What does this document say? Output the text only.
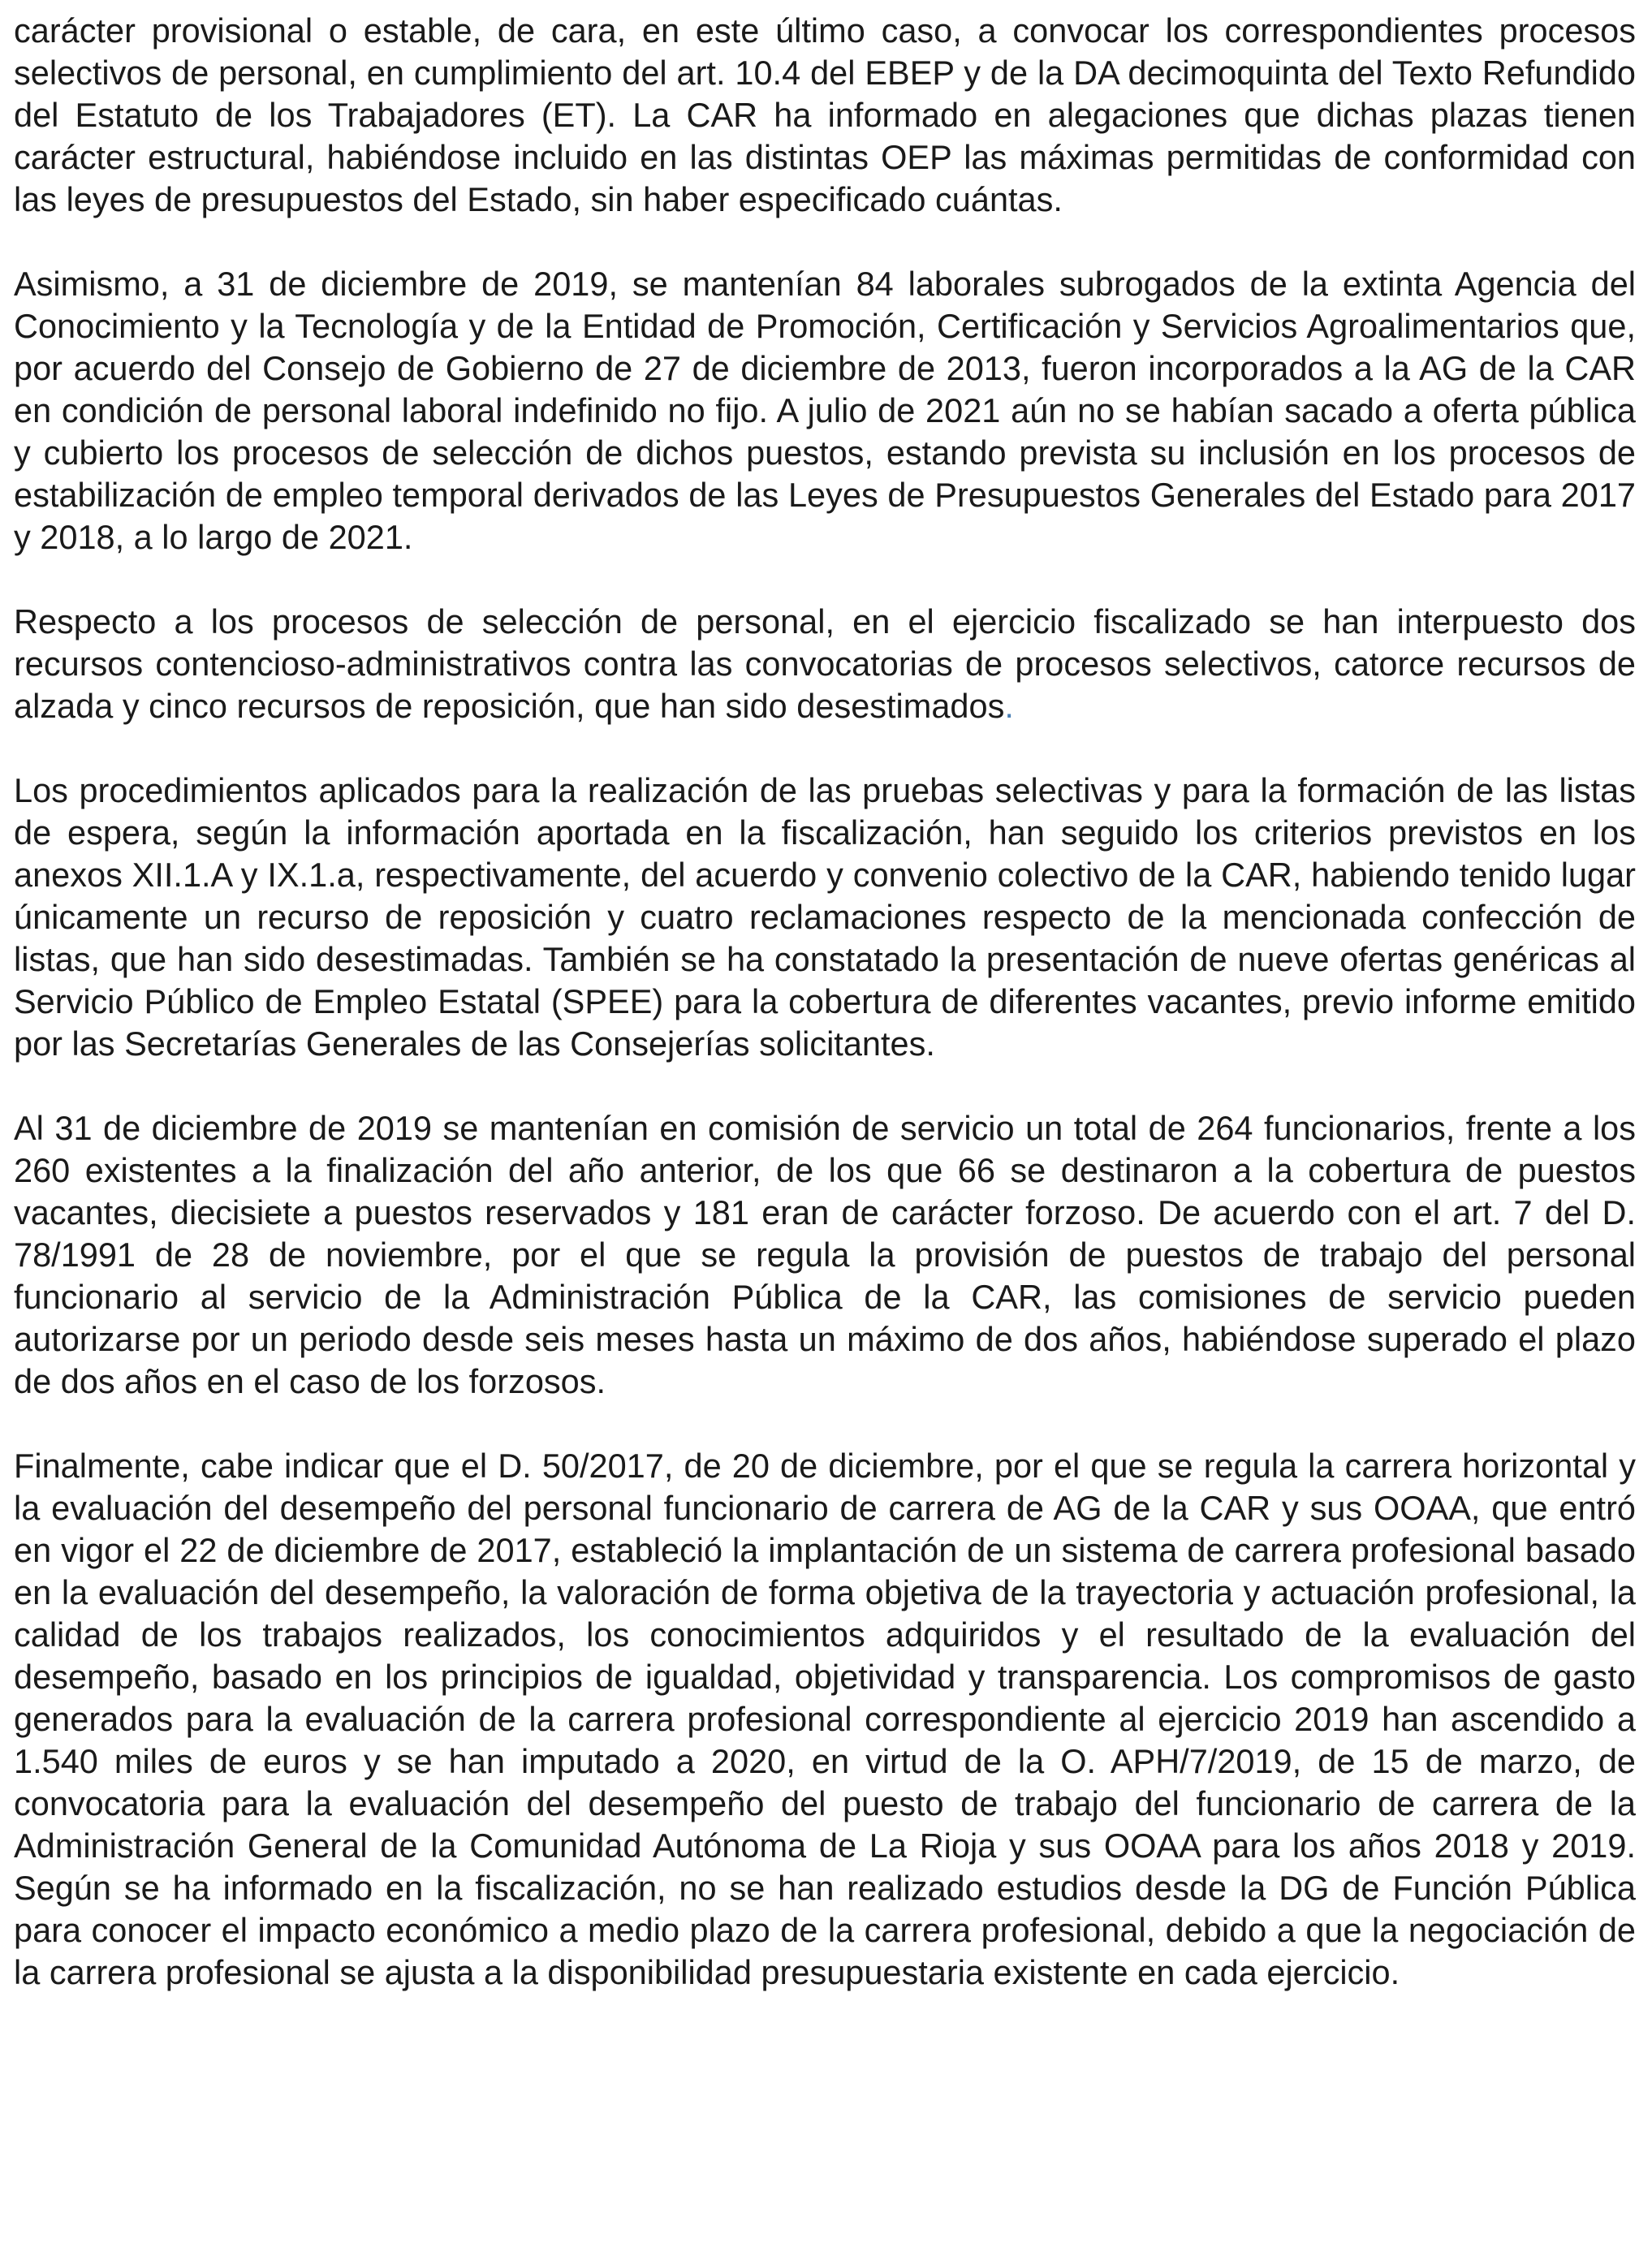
carácter provisional o estable, de cara, en este último caso, a convocar los correspondientes procesos selectivos de personal, en cumplimiento del art. 10.4 del EBEP y de la DA decimoquinta del Texto Refundido del Estatuto de los Trabajadores (ET). La CAR ha informado en alegaciones que dichas plazas tienen carácter estructural, habiéndose incluido en las distintas OEP las máximas permitidas de conformidad con las leyes de presupuestos del Estado, sin haber especificado cuántas.

Asimismo, a 31 de diciembre de 2019, se mantenían 84 laborales subrogados de la extinta Agencia del Conocimiento y la Tecnología y de la Entidad de Promoción, Certificación y Servicios Agroalimentarios que, por acuerdo del Consejo de Gobierno de 27 de diciembre de 2013, fueron incorporados a la AG de la CAR en condición de personal laboral indefinido no fijo. A julio de 2021 aún no se habían sacado a oferta pública y cubierto los procesos de selección de dichos puestos, estando prevista su inclusión en los procesos de estabilización de empleo temporal derivados de las Leyes de Presupuestos Generales del Estado para 2017 y 2018, a lo largo de 2021.

Respecto a los procesos de selección de personal, en el ejercicio fiscalizado se han interpuesto dos recursos contencioso-administrativos contra las convocatorias de procesos selectivos, catorce recursos de alzada y cinco recursos de reposición, que han sido desestimados.

Los procedimientos aplicados para la realización de las pruebas selectivas y para la formación de las listas de espera, según la información aportada en la fiscalización, han seguido los criterios previstos en los anexos XII.1.A y IX.1.a, respectivamente, del acuerdo y convenio colectivo de la CAR, habiendo tenido lugar únicamente un recurso de reposición y cuatro reclamaciones respecto de la mencionada confección de listas, que han sido desestimadas. También se ha constatado la presentación de nueve ofertas genéricas al Servicio Público de Empleo Estatal (SPEE) para la cobertura de diferentes vacantes, previo informe emitido por las Secretarías Generales de las Consejerías solicitantes.

Al 31 de diciembre de 2019 se mantenían en comisión de servicio un total de 264 funcionarios, frente a los 260 existentes a la finalización del año anterior, de los que 66 se destinaron a la cobertura de puestos vacantes, diecisiete a puestos reservados y 181 eran de carácter forzoso. De acuerdo con el art. 7 del D. 78/1991 de 28 de noviembre, por el que se regula la provisión de puestos de trabajo del personal funcionario al servicio de la Administración Pública de la CAR, las comisiones de servicio pueden autorizarse por un periodo desde seis meses hasta un máximo de dos años, habiéndose superado el plazo de dos años en el caso de los forzosos.

Finalmente, cabe indicar que el D. 50/2017, de 20 de diciembre, por el que se regula la carrera horizontal y la evaluación del desempeño del personal funcionario de carrera de AG de la CAR y sus OOAA, que entró en vigor el 22 de diciembre de 2017, estableció la implantación de un sistema de carrera profesional basado en la evaluación del desempeño, la valoración de forma objetiva de la trayectoria y actuación profesional, la calidad de los trabajos realizados, los conocimientos adquiridos y el resultado de la evaluación del desempeño, basado en los principios de igualdad, objetividad y transparencia. Los compromisos de gasto generados para la evaluación de la carrera profesional correspondiente al ejercicio 2019 han ascendido a 1.540 miles de euros y se han imputado a 2020, en virtud de la O. APH/7/2019, de 15 de marzo, de convocatoria para la evaluación del desempeño del puesto de trabajo del funcionario de carrera de la Administración General de la Comunidad Autónoma de La Rioja y sus OOAA para los años 2018 y 2019. Según se ha informado en la fiscalización, no se han realizado estudios desde la DG de Función Pública para conocer el impacto económico a medio plazo de la carrera profesional, debido a que la negociación de la carrera profesional se ajusta a la disponibilidad presupuestaria existente en cada ejercicio.
